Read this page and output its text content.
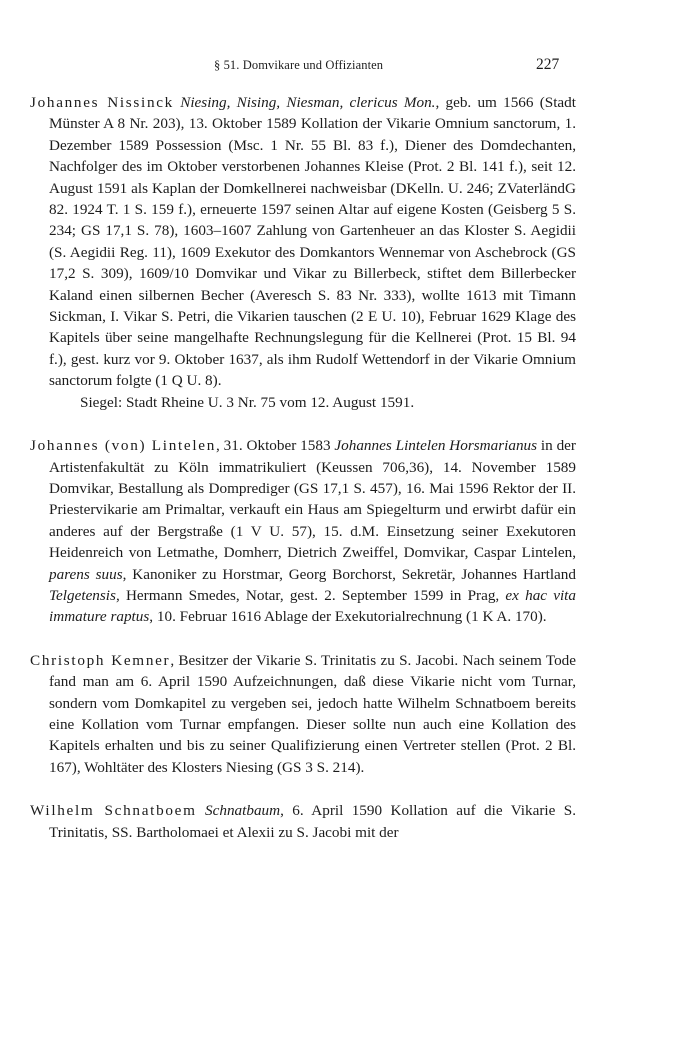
§ 51. Domvikare und Offizianten	227

Johannes Nissinck Niesing, Nising, Niesman, clericus Mon., geb. um 1566 (Stadt Münster A 8 Nr. 203), 13. Oktober 1589 Kollation der Vikarie Omnium sanctorum, 1. Dezember 1589 Possession (Msc. 1 Nr. 55 Bl. 83 f.), Diener des Domdechanten, Nachfolger des im Oktober verstorbenen Johannes Kleise (Prot. 2 Bl. 141 f.), seit 12. August 1591 als Kaplan der Domkellnerei nachweisbar (DKelln. U. 246; ZVaterländG 82. 1924 T. 1 S. 159 f.), erneuerte 1597 seinen Altar auf eigene Kosten (Geisberg 5 S. 234; GS 17,1 S. 78), 1603–1607 Zahlung von Gartenheuer an das Kloster S. Aegidii (S. Aegidii Reg. 11), 1609 Exekutor des Domkantors Wennemar von Aschebrock (GS 17,2 S. 309), 1609/10 Domvikar und Vikar zu Billerbeck, stiftet dem Billerbecker Kaland einen silbernen Becher (Averesch S. 83 Nr. 333), wollte 1613 mit Timann Sickman, I. Vikar S. Petri, die Vikarien tauschen (2 E U. 10), Februar 1629 Klage des Kapitels über seine mangelhafte Rechnungslegung für die Kellnerei (Prot. 15 Bl. 94 f.), gest. kurz vor 9. Oktober 1637, als ihm Rudolf Wettendorf in der Vikarie Omnium sanctorum folgte (1 Q U. 8).

Siegel: Stadt Rheine U. 3 Nr. 75 vom 12. August 1591.

Johannes (von) Lintelen, 31. Oktober 1583 Johannes Lintelen Horsmarianus in der Artistenfakultät zu Köln immatrikuliert (Keussen 706,36), 14. November 1589 Domvikar, Bestallung als Domprediger (GS 17,1 S. 457), 16. Mai 1596 Rektor der II. Priestervikarie am Primaltar, verkauft ein Haus am Spiegelturm und erwirbt dafür ein anderes auf der Bergstraße (1 V U. 57), 15. d.M. Einsetzung seiner Exekutoren Heidenreich von Letmathe, Domherr, Dietrich Zweiffel, Domvikar, Caspar Lintelen, parens suus, Kanoniker zu Horstmar, Georg Borchorst, Sekretär, Johannes Hartland Telgetensis, Hermann Smedes, Notar, gest. 2. September 1599 in Prag, ex hac vita immature raptus, 10. Februar 1616 Ablage der Exekutorialrechnung (1 K A. 170).

Christoph Kemner, Besitzer der Vikarie S. Trinitatis zu S. Jacobi. Nach seinem Tode fand man am 6. April 1590 Aufzeichnungen, daß diese Vikarie nicht vom Turnar, sondern vom Domkapitel zu vergeben sei, jedoch hatte Wilhelm Schnatboem bereits eine Kollation vom Turnar empfangen. Dieser sollte nun auch eine Kollation des Kapitels erhalten und bis zu seiner Qualifizierung einen Vertreter stellen (Prot. 2 Bl. 167), Wohltäter des Klosters Niesing (GS 3 S. 214).

Wilhelm Schnatboem Schnatbaum, 6. April 1590 Kollation auf die Vikarie S. Trinitatis, SS. Bartholomaei et Alexii zu S. Jacobi mit der
